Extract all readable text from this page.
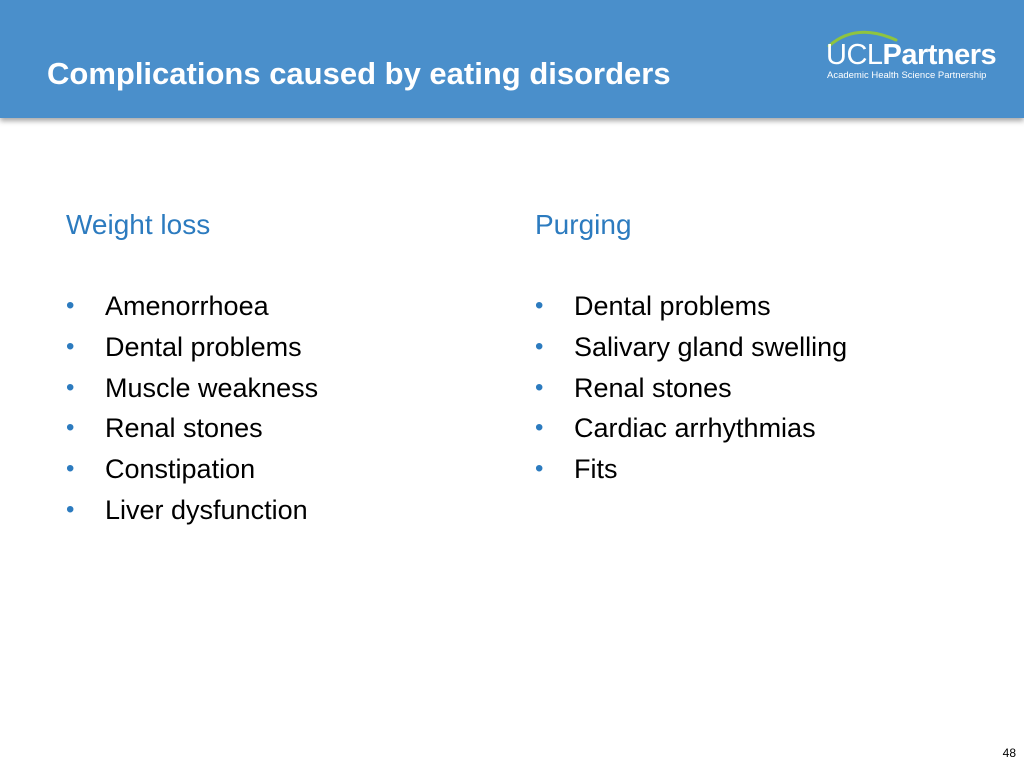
Complications caused by eating disorders
UCLPartners
Academic Health Science Partnership
Weight loss
• Amenorrhoea
• Dental problems
• Muscle weakness
• Renal stones
• Constipation
• Liver dysfunction
Purging
• Dental problems
• Salivary gland swelling
• Renal stones
• Cardiac arrhythmias
• Fits
48
